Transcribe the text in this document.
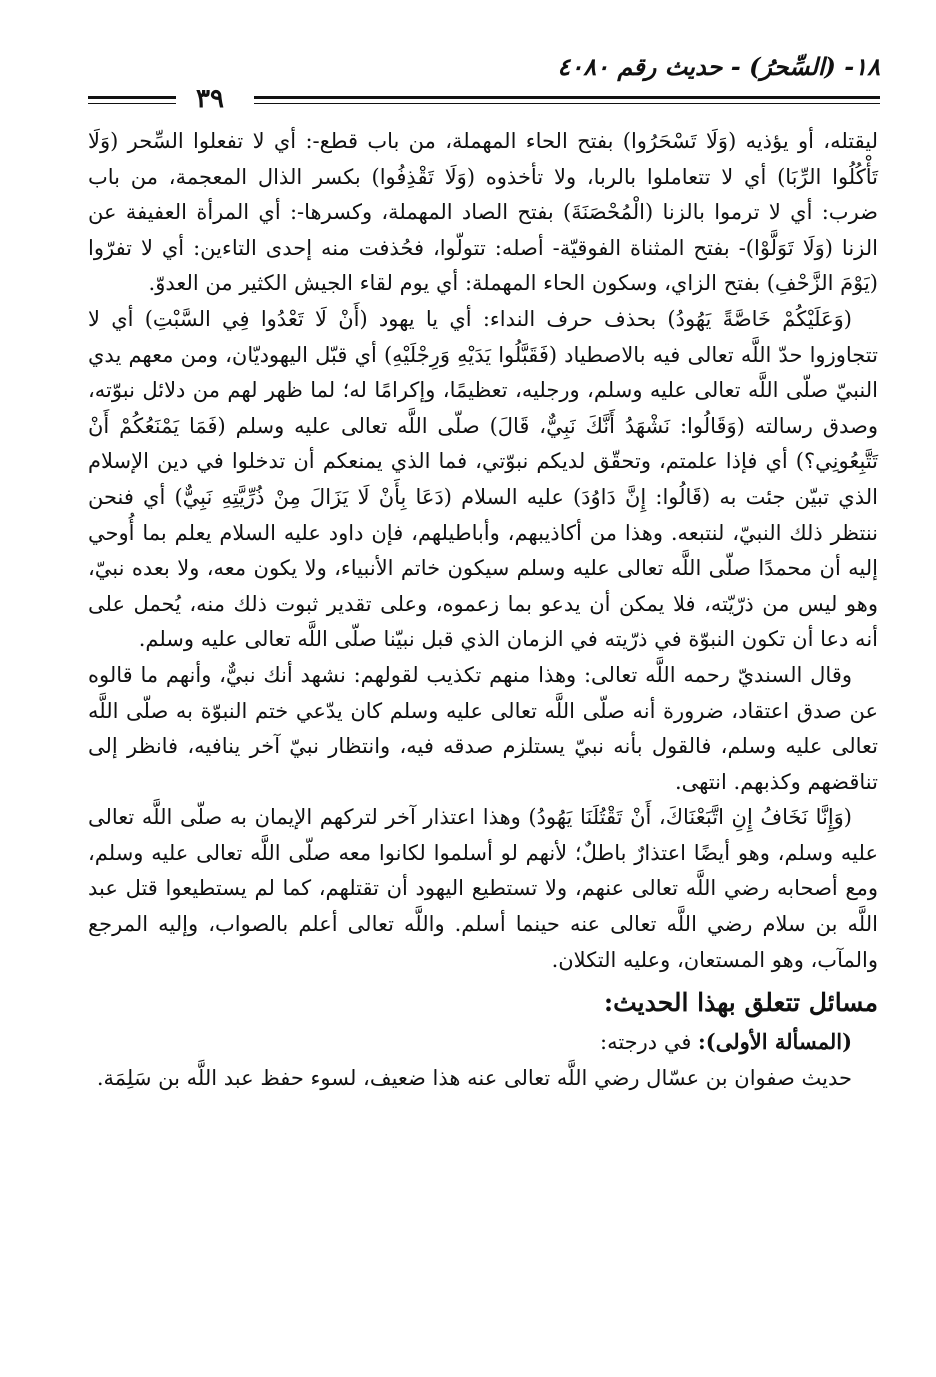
١٨- (السِّحرُ) - حديث رقم ٤٠٨٠
٣٩

ليقتله، أو يؤذيه (وَلَا تَسْحَرُوا) بفتح الحاء المهملة، من باب قطع-: أي لا تفعلوا السِّحر (وَلَا تَأْكُلُوا الرِّبَا) أي لا تتعاملوا بالربا، ولا تأخذوه (وَلَا تَقْذِفُوا) بكسر الذال المعجمة، من باب ضرب: أي لا ترموا بالزنا (الْمُحْصَنَةَ) بفتح الصاد المهملة، وكسرها-: أي المرأة العفيفة عن الزنا (وَلَا تَوَلَّوْا)- بفتح المثناة الفوقيّة- أصله: تتولّوا، فحُذفت منه إحدى التاءين: أي لا تفرّوا (يَوْمَ الزَّحْفِ) بفتح الزاي، وسكون الحاء المهملة: أي يوم لقاء الجيش الكثير من العدوّ.

(وَعَلَيْكُمْ خَاصَّةً يَهُودُ) بحذف حرف النداء: أي يا يهود (أَنْ لَا تَعْدُوا فِي السَّبْتِ) أي لا تتجاوزوا حدّ اللَّه تعالى فيه بالاصطياد (فَقَبَّلُوا يَدَيْهِ وَرِجْلَيْهِ) أي قبّل اليهوديّان، ومن معهم يدي النبيّ صلّى اللَّه تعالى عليه وسلم، ورجليه، تعظيمًا، وإكرامًا له؛ لما ظهر لهم من دلائل نبوّته، وصدق رسالته (وَقَالُوا: نَشْهَدُ أَنَّكَ نَبِيٌّ، قَالَ) صلّى اللَّه تعالى عليه وسلم (فَمَا يَمْنَعُكُمْ أَنْ تَتَّبِعُونِي؟) أي فإذا علمتم، وتحقّق لديكم نبوّتي، فما الذي يمنعكم أن تدخلوا في دين الإسلام الذي تبيّن جئت به (قَالُوا: إِنَّ دَاوُدَ) عليه السلام (دَعَا بِأَنْ لَا يَزَالَ مِنْ ذُرِّيَّتِهِ نَبِيٌّ) أي فنحن ننتظر ذلك النبيّ، لنتبعه. وهذا من أكاذيبهم، وأباطيلهم، فإن داود عليه السلام يعلم بما أُوحي إليه أن محمدًا صلّى اللَّه تعالى عليه وسلم سيكون خاتم الأنبياء، ولا يكون معه، ولا بعده نبيّ، وهو ليس من ذرّيّته، فلا يمكن أن يدعو بما زعموه، وعلى تقدير ثبوت ذلك منه، يُحمل على أنه دعا أن تكون النبوّة في ذرّيته في الزمان الذي قبل نبيّنا صلّى اللَّه تعالى عليه وسلم.

وقال السنديّ رحمه اللَّه تعالى: وهذا منهم تكذيب لقولهم: نشهد أنك نبيٌّ، وأنهم ما قالوه عن صدق اعتقاد، ضرورة أنه صلّى اللَّه تعالى عليه وسلم كان يدّعي ختم النبوّة به صلّى اللَّه تعالى عليه وسلم، فالقول بأنه نبيّ يستلزم صدقه فيه، وانتظار نبيّ آخر ينافيه، فانظر إلى تناقضهم وكذبهم. انتهى.

(وَإِنَّا نَخَافُ إِنِ اتَّبَعْنَاكَ، أَنْ تَقْتُلَنَا يَهُودُ) وهذا اعتذار آخر لتركهم الإيمان به صلّى اللَّه تعالى عليه وسلم، وهو أيضًا اعتذارٌ باطلٌ؛ لأنهم لو أسلموا لكانوا معه صلّى اللَّه تعالى عليه وسلم، ومع أصحابه رضي اللَّه تعالى عنهم، ولا تستطيع اليهود أن تقتلهم، كما لم يستطيعوا قتل عبد اللَّه بن سلام رضي اللَّه تعالى عنه حينما أسلم. واللَّه تعالى أعلم بالصواب، وإليه المرجع والمآب، وهو المستعان، وعليه التكلان.

مسائل تتعلق بهذا الحديث:

(المسألة الأولى): في درجته:

حديث صفوان بن عسّال رضي اللَّه تعالى عنه هذا ضعيف، لسوء حفظ عبد اللَّه بن سَلِمَة.
